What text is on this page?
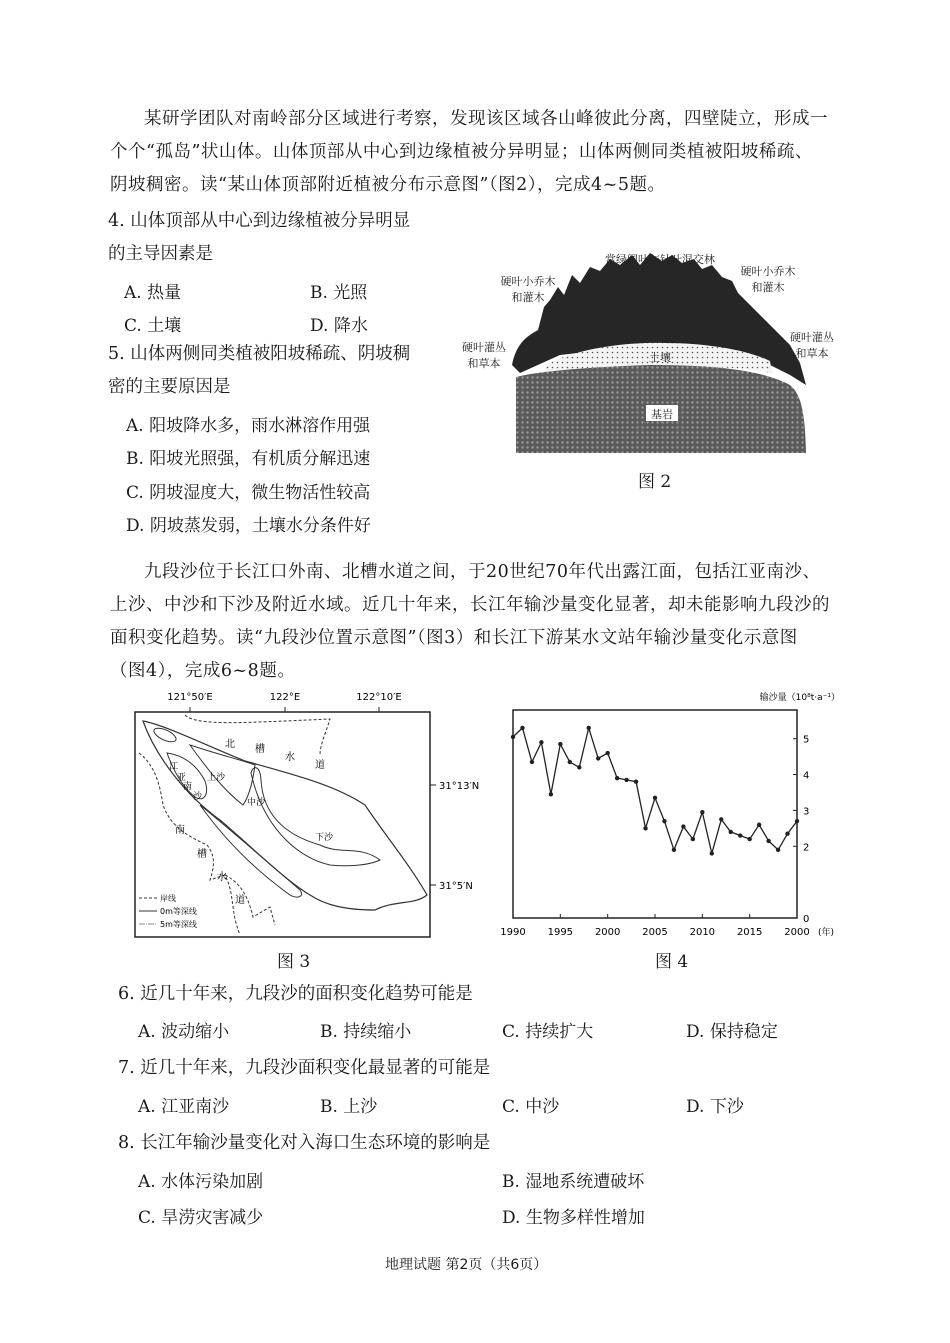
某研学团队对南岭部分区域进行考察，发现该区域各山峰彼此分离，四壁陡立，形成一
个个“孤岛”状山体。山体顶部从中心到边缘植被分异明显；山体两侧同类植被阳坡稀疏、
阴坡稠密。读“某山体顶部附近植被分布示意图”（图2），完成4~5题。
4. 山体顶部从中心到边缘植被分异明显
的主导因素是
A. 热量	B. 光照
C. 土壤	D. 降水
5. 山体两侧同类植被阳坡稀疏、阴坡稠
密的主要原因是
A. 阳坡降水多，雨水淋溶作用强
B. 阳坡光照强，有机质分解迅速
C. 阴坡湿度大，微生物活性较高
D. 阴坡蒸发弱，土壤水分条件好
基岩
土壤
常绿阔叶与针叶混交林
硬叶小乔木
和灌木
硬叶小乔木
和灌木
硬叶灌丛
和草本
硬叶灌丛
和草本
图 2
九段沙位于长江口外南、北槽水道之间，于20世纪70年代出露江面，包括江亚南沙、
上沙、中沙和下沙及附近水域。近几十年来，长江年输沙量变化显著，却未能影响九段沙的
面积变化趋势。读“九段沙位置示意图”（图3）和长江下游某水文站年输沙量变化示意图
（图4），完成6~8题。
121°50′E	122°E	122°10′E
31°13′N
31°5′N
北 槽
水
道
南
槽
水
道
江
亚
南
沙
上沙
中沙
下沙
岸线
0m等深线
5m等深线
图 3
输沙量（10⁸t·a⁻¹）
0
2
3
4
5
1990 1995 2000 2005 2010 2015 2000 (年)
图 4
6. 近几十年来，九段沙的面积变化趋势可能是
A. 波动缩小	B. 持续缩小	C. 持续扩大	D. 保持稳定
7. 近几十年来，九段沙面积变化最显著的可能是
A. 江亚南沙	B. 上沙	C. 中沙	D. 下沙
8. 长江年输沙量变化对入海口生态环境的影响是
A. 水体污染加剧	B. 湿地系统遭破坏
C. 旱涝灾害减少	D. 生物多样性增加
地理试题 第2页（共6页）
